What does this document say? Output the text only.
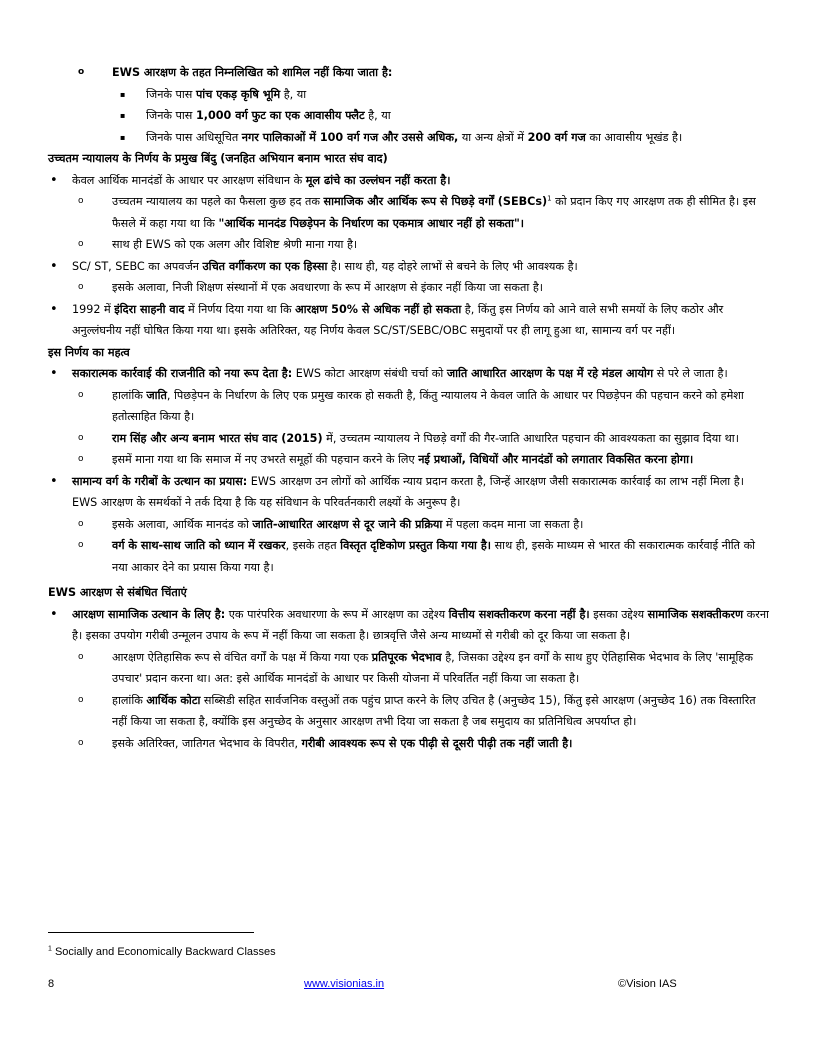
o EWS आरक्षण के तहत निम्नलिखित को शामिल नहीं किया जाता है:
▪ जिनके पास पांच एकड़ कृषि भूमि है, या
▪ जिनके पास 1,000 वर्ग फुट का एक आवासीय फ्लैट है, या
▪ जिनके पास अधिसूचित नगर पालिकाओं में 100 वर्ग गज और उससे अधिक, या अन्य क्षेत्रों में 200 वर्ग गज का आवासीय भूखंड है।
उच्चतम न्यायालय के निर्णय के प्रमुख बिंदु (जनहित अभियान बनाम भारत संघ वाद)
• केवल आर्थिक मानदंडों के आधार पर आरक्षण संविधान के मूल ढांचे का उल्लंघन नहीं करता है।
o	उच्चतम न्यायालय का पहले का फैसला कुछ हद तक सामाजिक और आर्थिक रूप से पिछड़े वर्गों (SEBCs)$^1$ को प्रदान किए गए आरक्षण तक ही सीमित है। इस फैसले में कहा गया था कि "आर्थिक मानदंड पिछड़ेपन के निर्धारण का एकमात्र आधार नहीं हो सकता"।
o	साथ ही EWS को एक अलग और विशिष्ट श्रेणी माना गया है।
• SC/ ST, SEBC का अपवर्जन उचित वर्गीकरण का एक हिस्सा है। साथ ही, यह दोहरे लाभों से बचने के लिए भी आवश्यक है।
o	इसके अलावा, निजी शिक्षण संस्थानों में एक अवधारणा के रूप में आरक्षण से इंकार नहीं किया जा सकता है।
• 1992 में इंदिरा साहनी वाद में निर्णय दिया गया था कि आरक्षण 50% से अधिक नहीं हो सकता है, किंतु इस निर्णय को आने वाले सभी समयों के लिए कठोर और अनुल्लंघनीय नहीं घोषित किया गया था। इसके अतिरिक्त, यह निर्णय केवल SC/ST/SEBC/OBC समुदायों पर ही लागू हुआ था, सामान्य वर्ग पर नहीं।
इस निर्णय का महत्व
• सकारात्मक कार्रवाई की राजनीति को नया रूप देता है: EWS कोटा आरक्षण संबंधी चर्चा को जाति आधारित आरक्षण के पक्ष में रहे मंडल आयोग से परे ले जाता है।
o	हालांकि जाति, पिछड़ेपन के निर्धारण के लिए एक प्रमुख कारक हो सकती है, किंतु न्यायालय ने केवल जाति के आधार पर पिछड़ेपन की पहचान करने को हमेशा हतोत्साहित किया है।
o	राम सिंह और अन्य बनाम भारत संघ वाद (2015) में, उच्चतम न्यायालय ने पिछड़े वर्गों की गैर-जाति आधारित पहचान की आवश्यकता का सुझाव दिया था।
o	इसमें माना गया था कि समाज में नए उभरते समूहों की पहचान करने के लिए नई प्रथाओं, विधियों और मानदंडों को लगातार विकसित करना होगा।
• सामान्य वर्ग के गरीबों के उत्थान का प्रयास: EWS आरक्षण उन लोगों को आर्थिक न्याय प्रदान करता है, जिन्हें आरक्षण जैसी सकारात्मक कार्रवाई का लाभ नहीं मिला है। EWS आरक्षण के समर्थकों ने तर्क दिया है कि यह संविधान के परिवर्तनकारी लक्ष्यों के अनुरूप है।
o	इसके अलावा, आर्थिक मानदंड को जाति-आधारित आरक्षण से दूर जाने की प्रक्रिया में पहला कदम माना जा सकता है।
o	वर्ग के साथ-साथ जाति को ध्यान में रखकर, इसके तहत विस्तृत दृष्टिकोण प्रस्तुत किया गया है। साथ ही, इसके माध्यम से भारत की सकारात्मक कार्रवाई नीति को नया आकार देने का प्रयास किया गया है।
EWS आरक्षण से संबंधित चिंताएं
• आरक्षण सामाजिक उत्थान के लिए है: एक पारंपरिक अवधारणा के रूप में आरक्षण का उद्देश्य वित्तीय सशक्तीकरण करना नहीं है। इसका उद्देश्य सामाजिक सशक्तीकरण करना है। इसका उपयोग गरीबी उन्मूलन उपाय के रूप में नहीं किया जा सकता है। छात्रवृत्ति जैसे अन्य माध्यमों से गरीबी को दूर किया जा सकता है।
o	आरक्षण ऐतिहासिक रूप से वंचित वर्गों के पक्ष में किया गया एक प्रतिपूरक भेदभाव है, जिसका उद्देश्य इन वर्गों के साथ हुए ऐतिहासिक भेदभाव के लिए 'सामूहिक उपचार' प्रदान करना था। अत: इसे आर्थिक मानदंडों के आधार पर किसी योजना में परिवर्तित नहीं किया जा सकता है।
o	हालांकि आर्थिक कोटा सब्सिडी सहित सार्वजनिक वस्तुओं तक पहुंच प्राप्त करने के लिए उचित है (अनुच्छेद 15), किंतु इसे आरक्षण (अनुच्छेद 16) तक विस्तारित नहीं किया जा सकता है, क्योंकि इस अनुच्छेद के अनुसार आरक्षण तभी दिया जा सकता है जब समुदाय का प्रतिनिधित्व अपर्याप्त हो।
o	इसके अतिरिक्त, जातिगत भेदभाव के विपरीत, गरीबी आवश्यक रूप से एक पीढ़ी से दूसरी पीढ़ी तक नहीं जाती है।
$^1$ Socially and Economically Backward Classes
8	www.visionias.in	©Vision IAS
